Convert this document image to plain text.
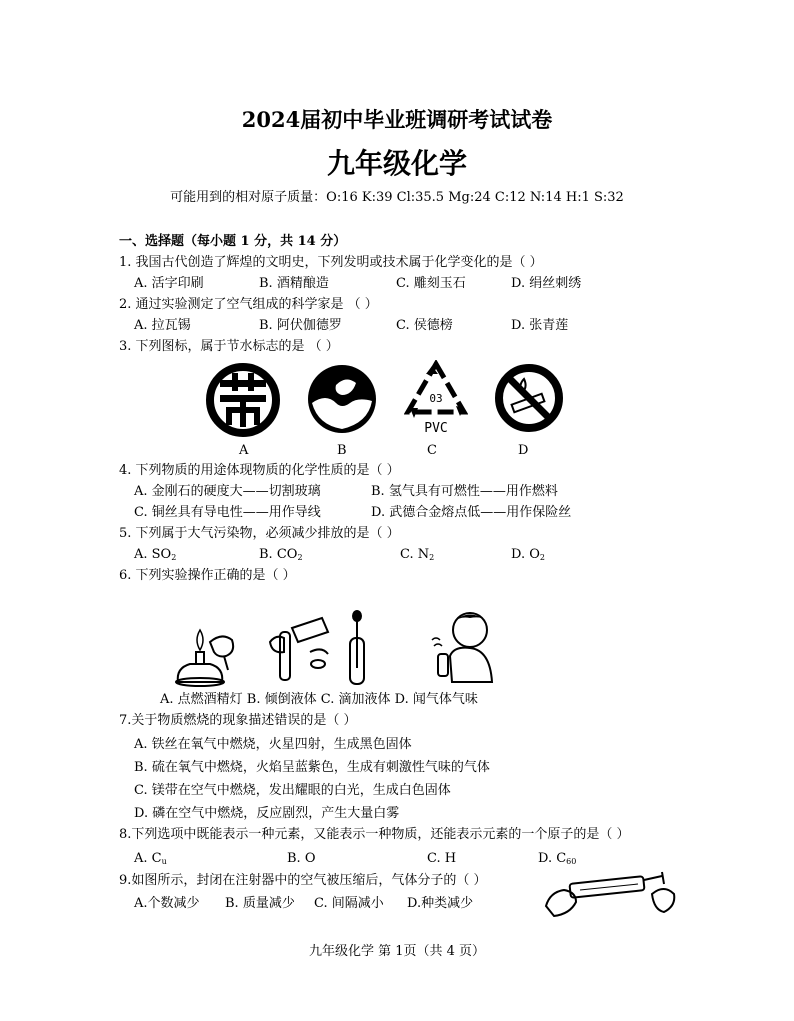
2024届初中毕业班调研考试试卷
九年级化学
可能用到的相对原子质量：O:16 K:39 Cl:35.5 Mg:24 C:12 N:14 H:1 S:32
一、选择题（每小题 1 分，共 14 分）
1. 我国古代创造了辉煌的文明史，下列发明或技术属于化学变化的是（ ）
A. 活字印刷	B. 酒精酿造	C. 雕刻玉石	D. 绢丝刺绣
2. 通过实验测定了空气组成的科学家是 （ ）
A. 拉瓦锡	B. 阿伏伽德罗	C. 侯德榜	D. 张青莲
3. 下列图标，属于节水标志的是 （ ）
03
PVC
A	B	C	D
4. 下列物质的用途体现物质的化学性质的是（ ）
A. 金刚石的硬度大——切割玻璃	B. 氢气具有可燃性——用作燃料
C. 铜丝具有导电性——用作导线	D. 武德合金熔点低——用作保险丝
5. 下列属于大气污染物，必须减少排放的是（ ）
A. $SO_2$	B. $CO_2$	C. $N_2$	D. $O_2$
6. 下列实验操作正确的是（ ）
A. 点燃酒精灯 B. 倾倒液体 C. 滴加液体 D. 闻气体气味
7.关于物质燃烧的现象描述错误的是（ ）
A. 铁丝在氧气中燃烧，火星四射，生成黑色固体
B. 硫在氧气中燃烧，火焰呈蓝紫色，生成有刺激性气味的气体
C. 镁带在空气中燃烧，发出耀眼的白光，生成白色固体
D. 磷在空气中燃烧，反应剧烈，产生大量白雾
8.下列选项中既能表示一种元素，又能表示一种物质，还能表示元素的一个原子的是（ ）
A. $C_u$	B. O	C. H	D. $C_{60}$
9.如图所示，封闭在注射器中的空气被压缩后，气体分子的（ ）
A.个数减少 B. 质量减少 C. 间隔减小 D.种类减少
九年级化学 第 1页（共 4 页）
